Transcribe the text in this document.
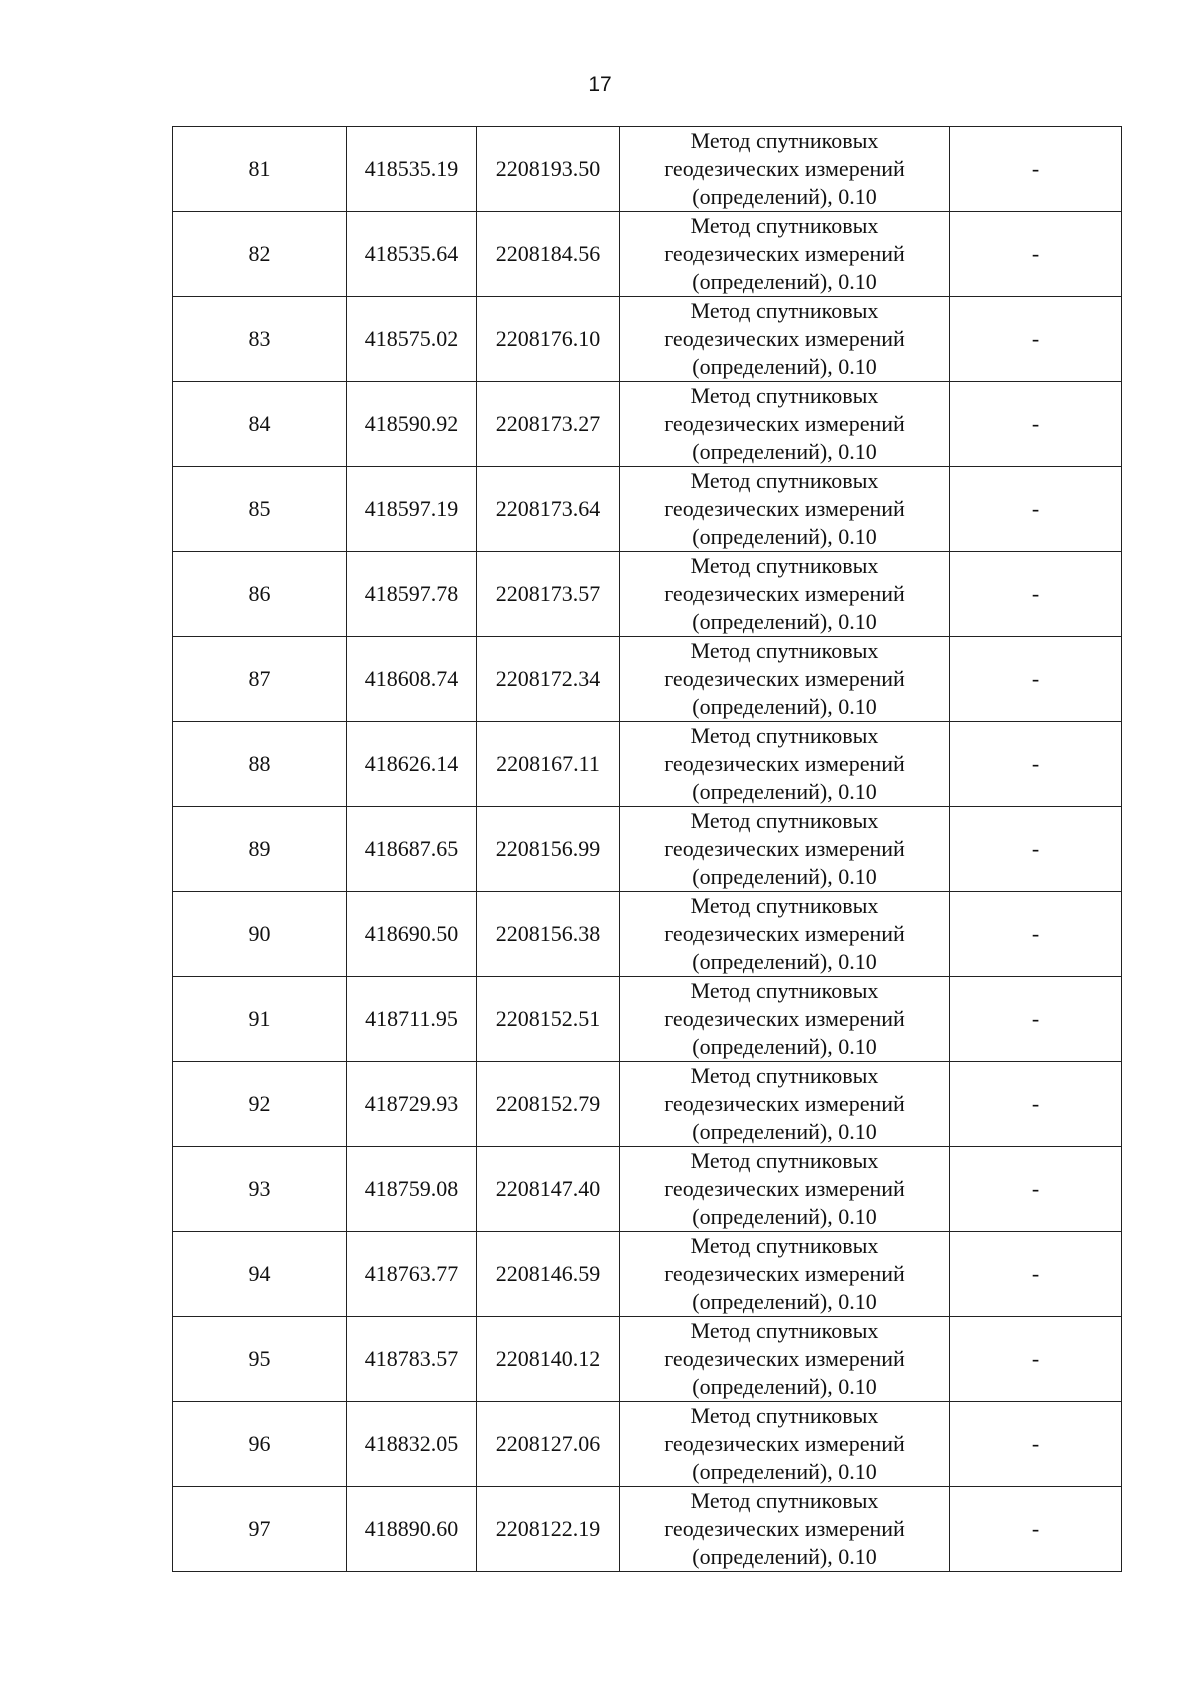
17
81	418535.19	2208193.50	Метод спутниковых
геодезических измерений
(определений), 0.10	-
82	418535.64	2208184.56	Метод спутниковых
геодезических измерений
(определений), 0.10	-
83	418575.02	2208176.10	Метод спутниковых
геодезических измерений
(определений), 0.10	-
84	418590.92	2208173.27	Метод спутниковых
геодезических измерений
(определений), 0.10	-
85	418597.19	2208173.64	Метод спутниковых
геодезических измерений
(определений), 0.10	-
86	418597.78	2208173.57	Метод спутниковых
геодезических измерений
(определений), 0.10	-
87	418608.74	2208172.34	Метод спутниковых
геодезических измерений
(определений), 0.10	-
88	418626.14	2208167.11	Метод спутниковых
геодезических измерений
(определений), 0.10	-
89	418687.65	2208156.99	Метод спутниковых
геодезических измерений
(определений), 0.10	-
90	418690.50	2208156.38	Метод спутниковых
геодезических измерений
(определений), 0.10	-
91	418711.95	2208152.51	Метод спутниковых
геодезических измерений
(определений), 0.10	-
92	418729.93	2208152.79	Метод спутниковых
геодезических измерений
(определений), 0.10	-
93	418759.08	2208147.40	Метод спутниковых
геодезических измерений
(определений), 0.10	-
94	418763.77	2208146.59	Метод спутниковых
геодезических измерений
(определений), 0.10	-
95	418783.57	2208140.12	Метод спутниковых
геодезических измерений
(определений), 0.10	-
96	418832.05	2208127.06	Метод спутниковых
геодезических измерений
(определений), 0.10	-
97	418890.60	2208122.19	Метод спутниковых
геодезических измерений
(определений), 0.10	-
